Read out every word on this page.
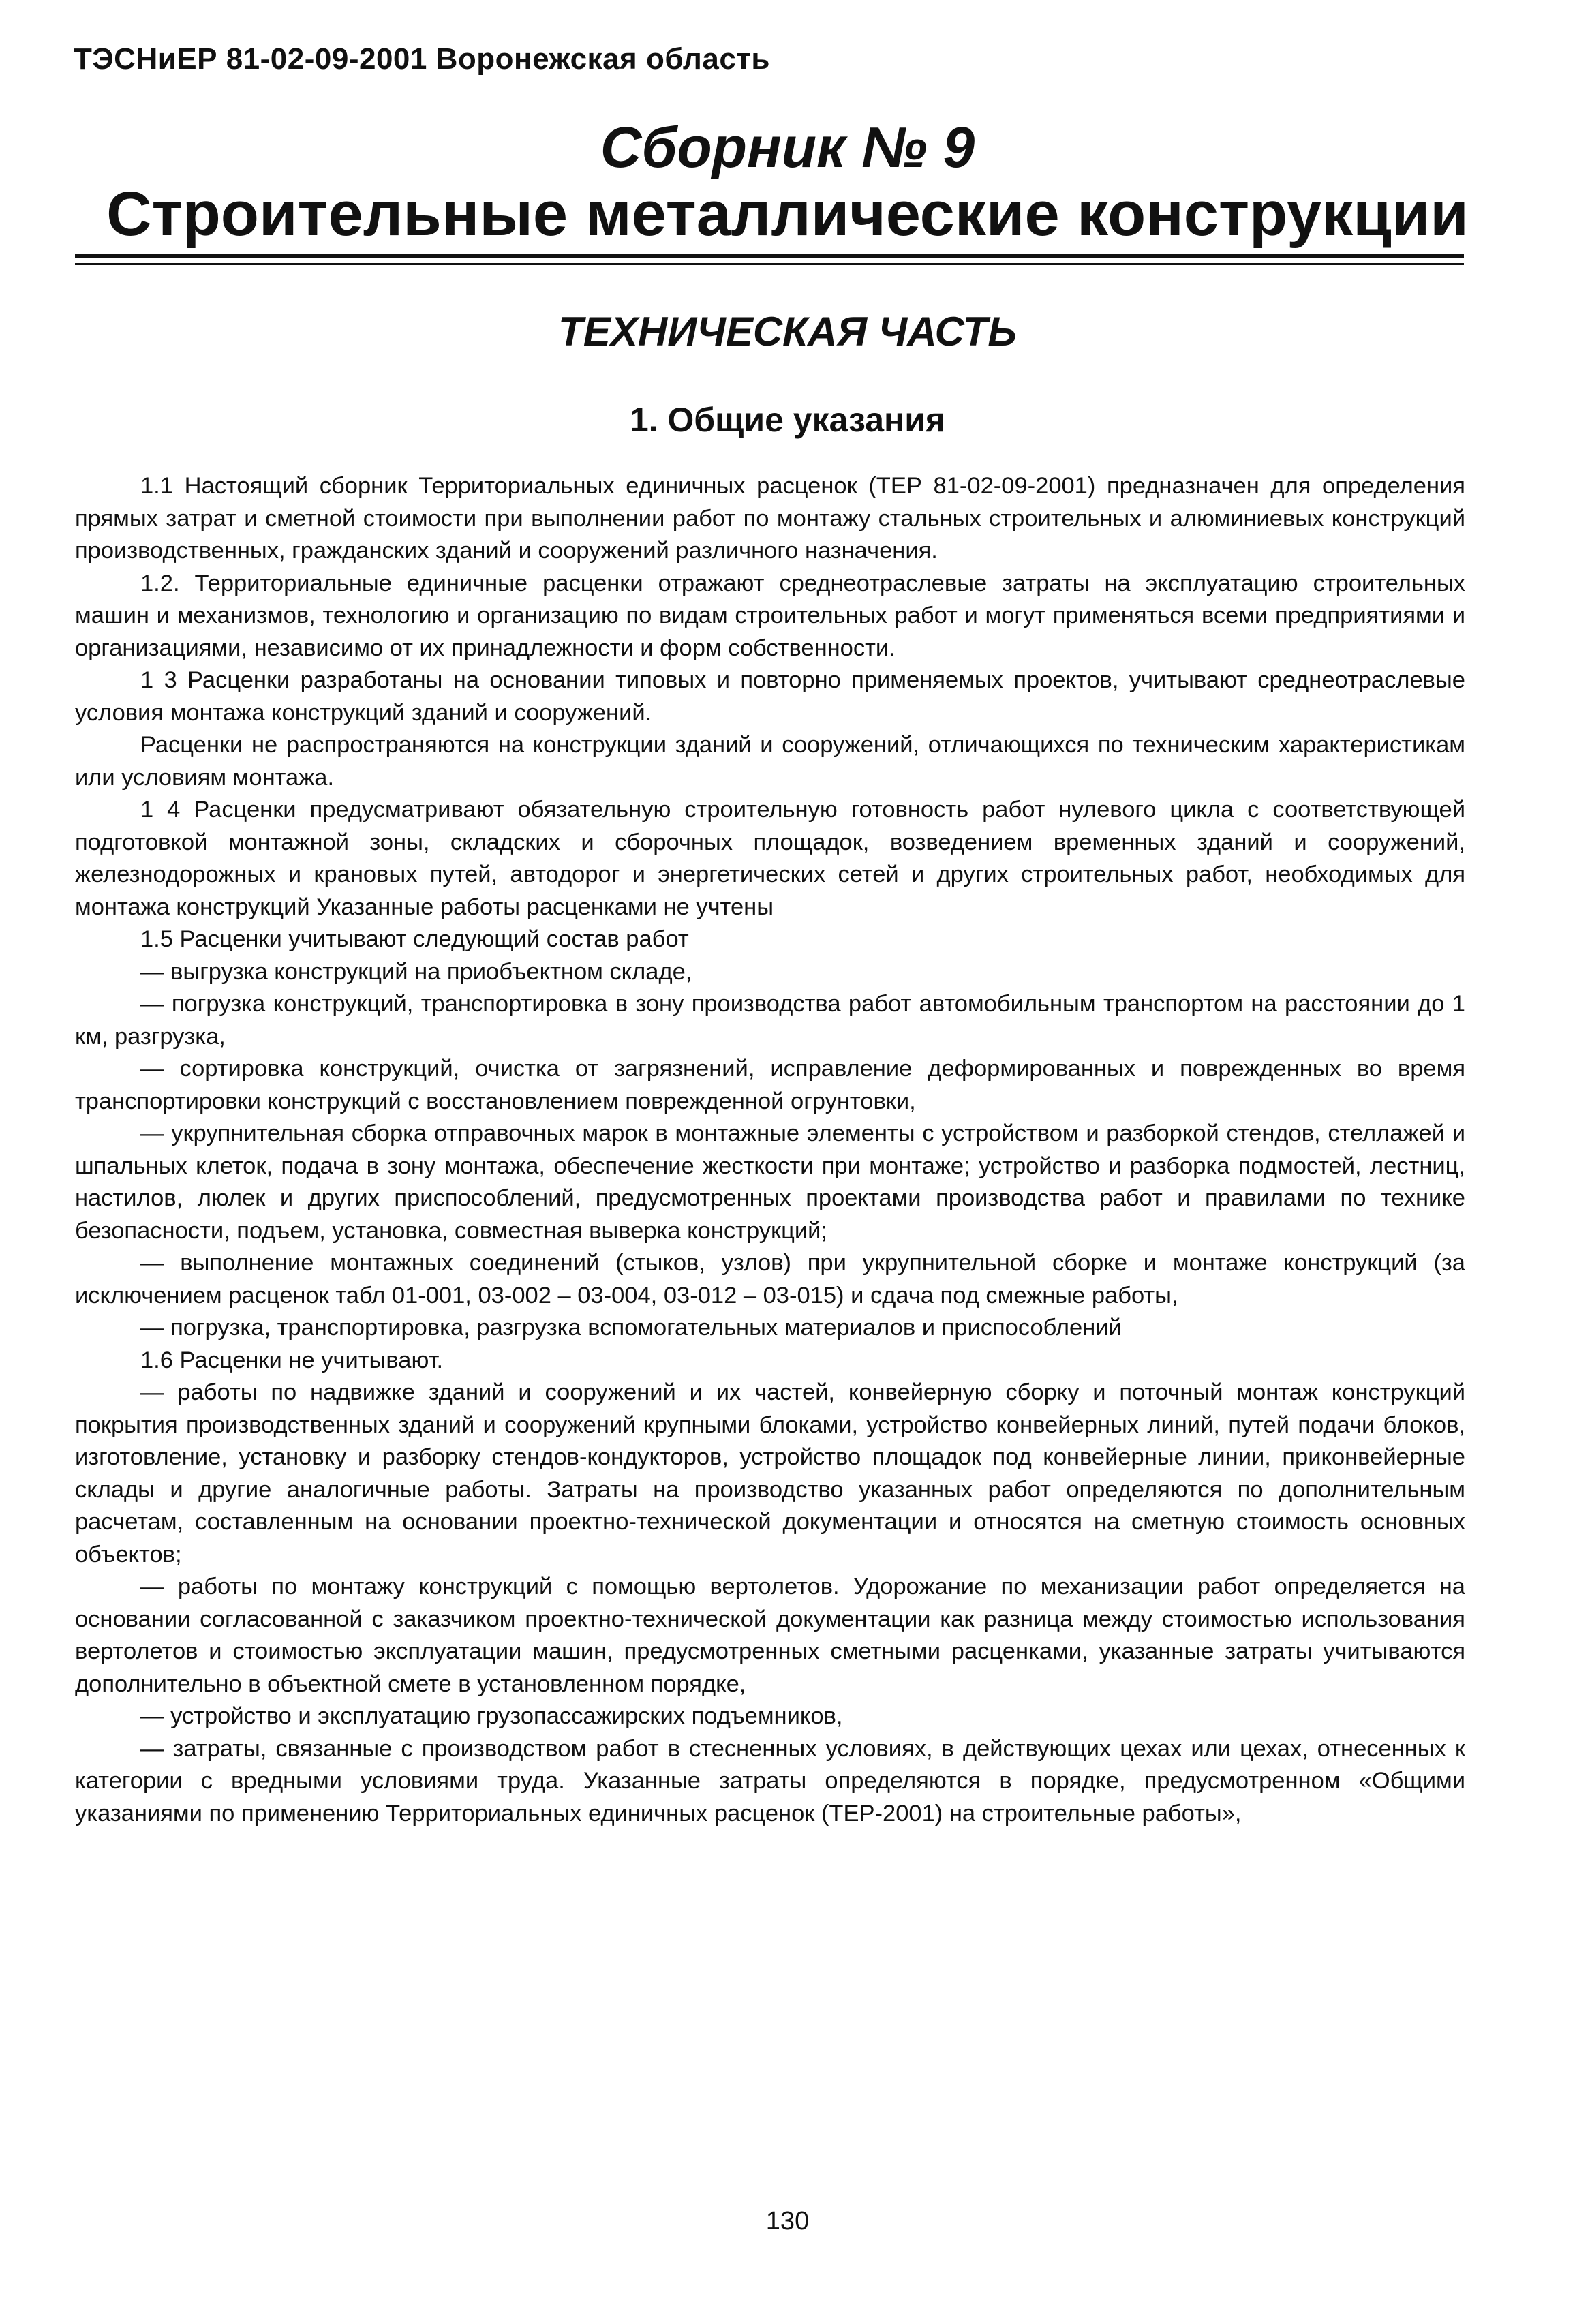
ТЭСНиЕР 81-02-09-2001 Воронежская область
Сборник № 9
Строительные металлические конструкции
ТЕХНИЧЕСКАЯ ЧАСТЬ
1. Общие указания

1.1 Настоящий сборник Территориальных единичных расценок (ТЕР 81-02-09-2001) предназначен для определения прямых затрат и сметной стоимости при выполнении работ по монтажу стальных строительных и алюминиевых конструкций производственных, гражданских зданий и сооружений различного назначения.

1.2. Территориальные единичные расценки отражают среднеотраслевые затраты на эксплуатацию строительных машин и механизмов, технологию и организацию по видам строительных работ и могут применяться всеми предприятиями и организациями, независимо от их принадлежности и форм собственности.

1 3 Расценки разработаны на основании типовых и повторно применяемых проектов, учитывают среднеотраслевые условия монтажа конструкций зданий и сооружений.

Расценки не распространяются на конструкции зданий и сооружений, отличающихся по техническим характеристикам или условиям монтажа.

1 4 Расценки предусматривают обязательную строительную готовность работ нулевого цикла с соответствующей подготовкой монтажной зоны, складских и сборочных площадок, возведением временных зданий и сооружений, железнодорожных и крановых путей, автодорог и энергетических сетей и других строительных работ, необходимых для монтажа конструкций Указанные работы расценками не учтены

1.5 Расценки учитывают следующий состав работ

— выгрузка конструкций на приобъектном складе,

— погрузка конструкций, транспортировка в зону производства работ автомобильным транспортом на расстоянии до 1 км, разгрузка,

— сортировка конструкций, очистка от загрязнений, исправление деформированных и поврежденных во время транспортировки конструкций с восстановлением поврежденной огрунтовки,

— укрупнительная сборка отправочных марок в монтажные элементы с устройством и разборкой стендов, стеллажей и шпальных клеток, подача в зону монтажа, обеспечение жесткости при монтаже; устройство и разборка подмостей, лестниц, настилов, люлек и других приспособлений, предусмотренных проектами производства работ и правилами по технике безопасности, подъем, установка, совместная выверка конструкций;

— выполнение монтажных соединений (стыков, узлов) при укрупнительной сборке и монтаже конструкций (за исключением расценок табл 01-001, 03-002 – 03-004, 03-012 – 03-015) и сдача под смежные работы,

— погрузка, транспортировка, разгрузка вспомогательных материалов и приспособлений

1.6 Расценки не учитывают.

— работы по надвижке зданий и сооружений и их частей, конвейерную сборку и поточный монтаж конструкций покрытия производственных зданий и сооружений крупными блоками, устройство конвейерных линий, путей подачи блоков, изготовление, установку и разборку стендов-кондукторов, устройство площадок под конвейерные линии, приконвейерные склады и другие аналогичные работы. Затраты на производство указанных работ определяются по дополнительным расчетам, составленным на основании проектно-технической документации и относятся на сметную стоимость основных объектов;

— работы по монтажу конструкций с помощью вертолетов. Удорожание по механизации работ определяется на основании согласованной с заказчиком проектно-технической документации как разница между стоимостью использования вертолетов и стоимостью эксплуатации машин, предусмотренных сметными расценками, указанные затраты учитываются дополнительно в объектной смете в установленном порядке,

— устройство и эксплуатацию грузопассажирских подъемников,

— затраты, связанные с производством работ в стесненных условиях, в действующих цехах или цехах, отнесенных к категории с вредными условиями труда. Указанные затраты определяются в порядке, предусмотренном «Общими указаниями по применению Территориальных единичных расценок (ТЕР-2001) на строительные работы»,

130
